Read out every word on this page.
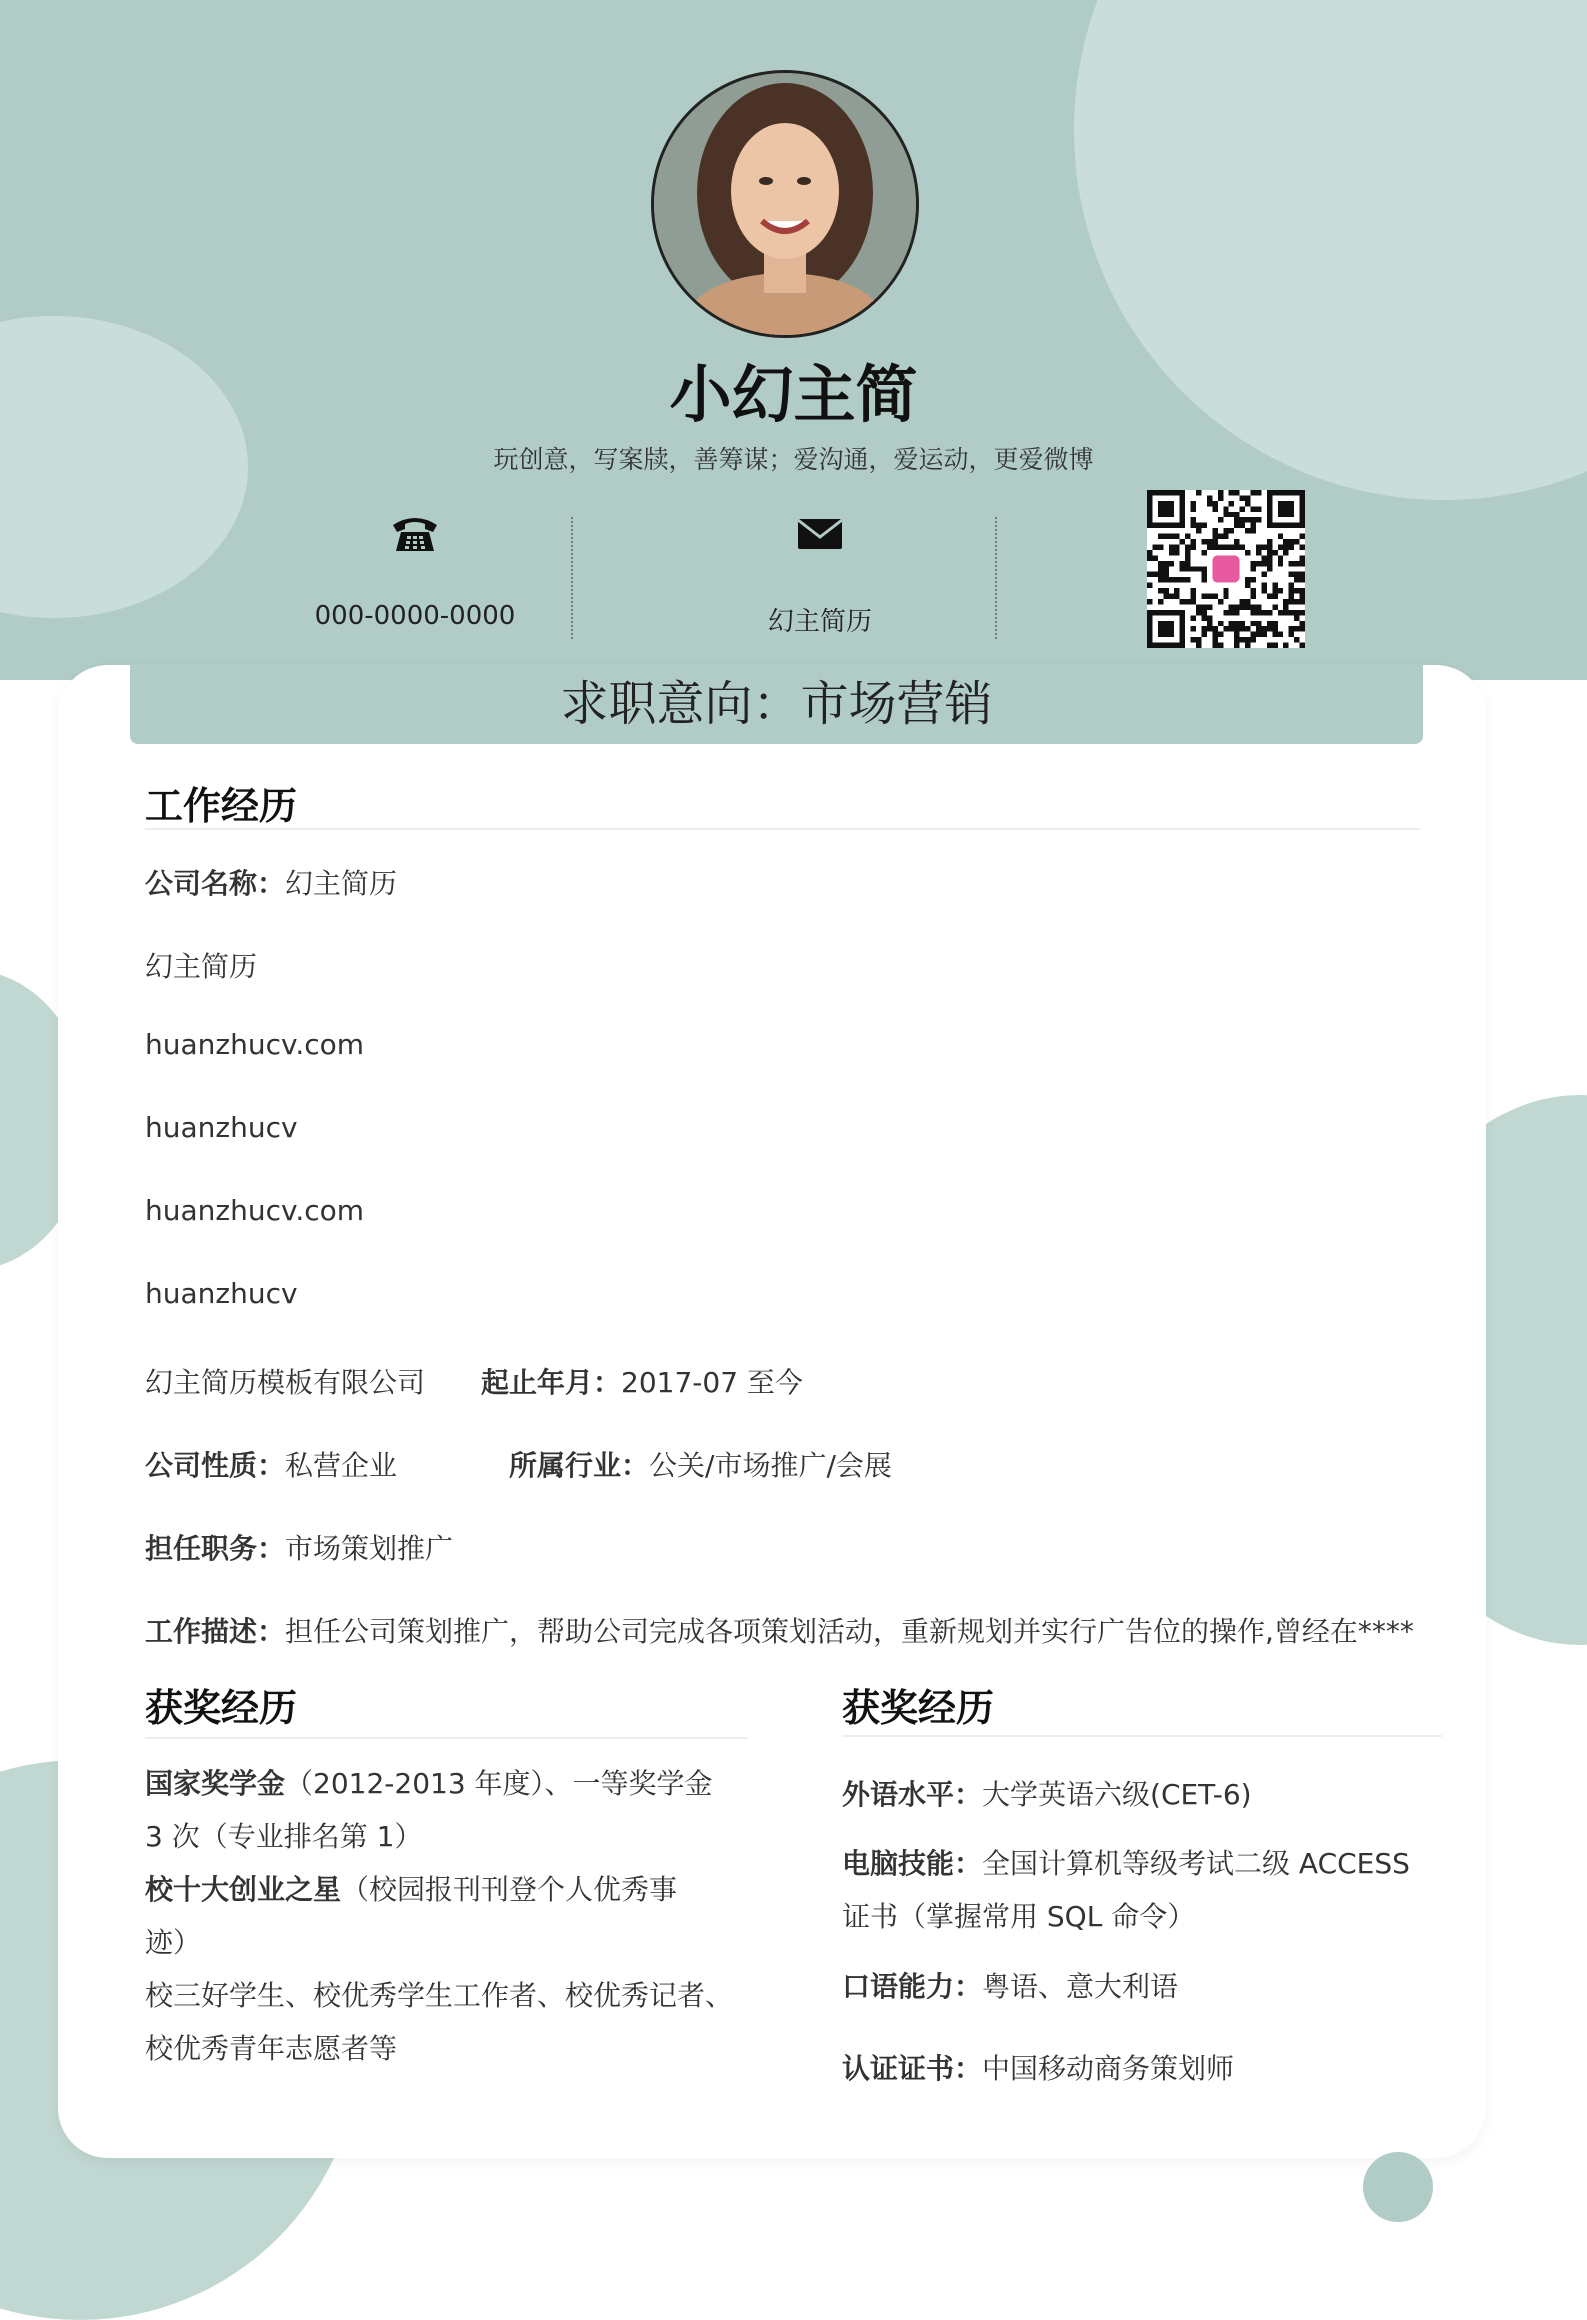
小幻主简
玩创意，写案牍，善筹谋；爱沟通，爱运动，更爱微博
000-0000-0000	幻主简历
求职意向：市场营销
工作经历
公司名称：幻主简历
幻主简历
huanzhucv.com
huanzhucv
huanzhucv.com
huanzhucv
幻主简历模板有限公司 起止年月：2017-07 至今
公司性质：私营企业	所属行业：公关/市场推广/会展
担任职务：市场策划推广
工作描述：担任公司策划推广，帮助公司完成各项策划活动，重新规划并实行广告位的操作,曾经在****
获奖经历
国家奖学金（2012-2013 年度）、一等奖学金
3 次（专业排名第 1）
校十大创业之星（校园报刊刊登个人优秀事
迹）
校三好学生、校优秀学生工作者、校优秀记者、
校优秀青年志愿者等
获奖经历
外语水平：大学英语六级(CET-6)
电脑技能：全国计算机等级考试二级 ACCESS
证书（掌握常用 SQL 命令）
口语能力：粤语、意大利语
认证证书：中国移动商务策划师
